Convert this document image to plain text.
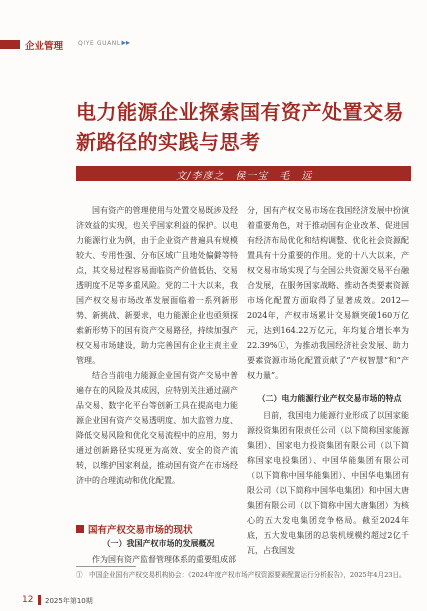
企业管理 QIYE GUANLI
▸▸
电力能源企业探索国有资产处置交易新路径的实践与思考
文/李彦之　侯一宝　毛　远

国有资产的管理使用与处置交易既涉及经济效益的实现，也关乎国家利益的保护。以电力能源行业为例，由于企业资产普遍具有规模较大、专用性强、分布区域广且地处偏僻等特点，其交易过程容易面临资产价值低估、交易透明度不足等多重风险。党的二十大以来，我国产权交易市场改革发展面临着一系列新形势、新挑战、新要求，电力能源企业也亟须探索新形势下的国有资产交易路径，持续加强产权交易市场建设，助力完善国有企业主责主业管理。

结合当前电力能源企业国有资产交易中普遍存在的风险及其成因，应特别关注通过副产品交易、数字化平台等创新工具在提高电力能源企业国有资产交易透明度、加大监管力度、降低交易风险和优化交易流程中的应用，努力通过创新路径实现更为高效、安全的资产流转，以维护国家利益，推动国有资产在市场经济中的合理流动和优化配置。

国有产权交易市场的现状
（一）我国产权市场的发展概况

作为国有资产监督管理体系的重要组成部

分，国有产权交易市场在我国经济发展中扮演着重要角色，对于推动国有企业改革、促进国有经济布局优化和结构调整、优化社会资源配置具有十分重要的作用。党的十八大以来，产权交易市场实现了与全国公共资源交易平台融合发展，在服务国家战略、推动各类要素资源市场化配置方面取得了显著成效。2012—2024年，产权市场累计交易额突破160万亿元，达到164.22万亿元，年均复合增长率为22.39%①，为推动我国经济社会发展、助力要素资源市场化配置贡献了“产权智慧”和“产权力量”。

（二）电力能源行业产权交易市场的特点

目前，我国电力能源行业形成了以国家能源投资集团有限责任公司（以下简称国家能源集团）、国家电力投资集团有限公司（以下简称国家电投集团）、中国华能集团有限公司（以下简称中国华能集团）、中国华电集团有限公司（以下简称中国华电集团）和中国大唐集团有限公司（以下简称中国大唐集团）为核心的五大发电集团竞争格局。截至2024年底，五大发电集团的总装机规模约超过2亿千瓦，占我国发

①　中国企业国有产权交易机构协会：《2024年度产权市场产权资源要素配置运行分析报告》，2025年4月23日。
12 2025年第10期
